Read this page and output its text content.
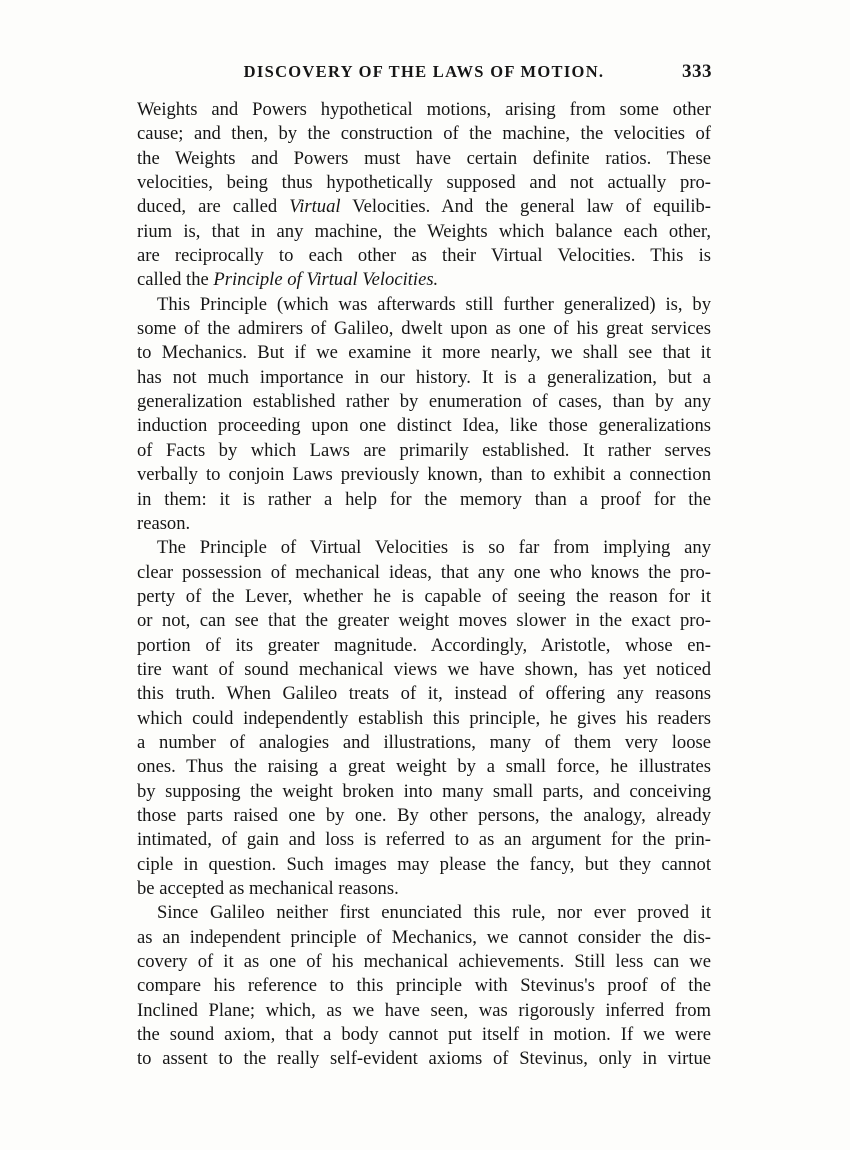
DISCOVERY OF THE LAWS OF MOTION.	333
Weights and Powers hypothetical motions, arising from some other
cause; and then, by the construction of the machine, the velocities of
the Weights and Powers must have certain definite ratios. These
velocities, being thus hypothetically supposed and not actually pro-
duced, are called Virtual Velocities. And the general law of equilib-
rium is, that in any machine, the Weights which balance each other,
are reciprocally to each other as their Virtual Velocities. This is
called the Principle of Virtual Velocities.
This Principle (which was afterwards still further generalized) is, by
some of the admirers of Galileo, dwelt upon as one of his great services
to Mechanics. But if we examine it more nearly, we shall see that it
has not much importance in our history. It is a generalization, but a
generalization established rather by enumeration of cases, than by any
induction proceeding upon one distinct Idea, like those generalizations
of Facts by which Laws are primarily established. It rather serves
verbally to conjoin Laws previously known, than to exhibit a connection
in them: it is rather a help for the memory than a proof for the
reason.
The Principle of Virtual Velocities is so far from implying any
clear possession of mechanical ideas, that any one who knows the pro-
perty of the Lever, whether he is capable of seeing the reason for it
or not, can see that the greater weight moves slower in the exact pro-
portion of its greater magnitude. Accordingly, Aristotle, whose en-
tire want of sound mechanical views we have shown, has yet noticed
this truth. When Galileo treats of it, instead of offering any reasons
which could independently establish this principle, he gives his readers
a number of analogies and illustrations, many of them very loose
ones. Thus the raising a great weight by a small force, he illustrates
by supposing the weight broken into many small parts, and conceiving
those parts raised one by one. By other persons, the analogy, already
intimated, of gain and loss is referred to as an argument for the prin-
ciple in question. Such images may please the fancy, but they cannot
be accepted as mechanical reasons.
Since Galileo neither first enunciated this rule, nor ever proved it
as an independent principle of Mechanics, we cannot consider the dis-
covery of it as one of his mechanical achievements. Still less can we
compare his reference to this principle with Stevinus's proof of the
Inclined Plane; which, as we have seen, was rigorously inferred from
the sound axiom, that a body cannot put itself in motion. If we were
to assent to the really self-evident axioms of Stevinus, only in virtue
